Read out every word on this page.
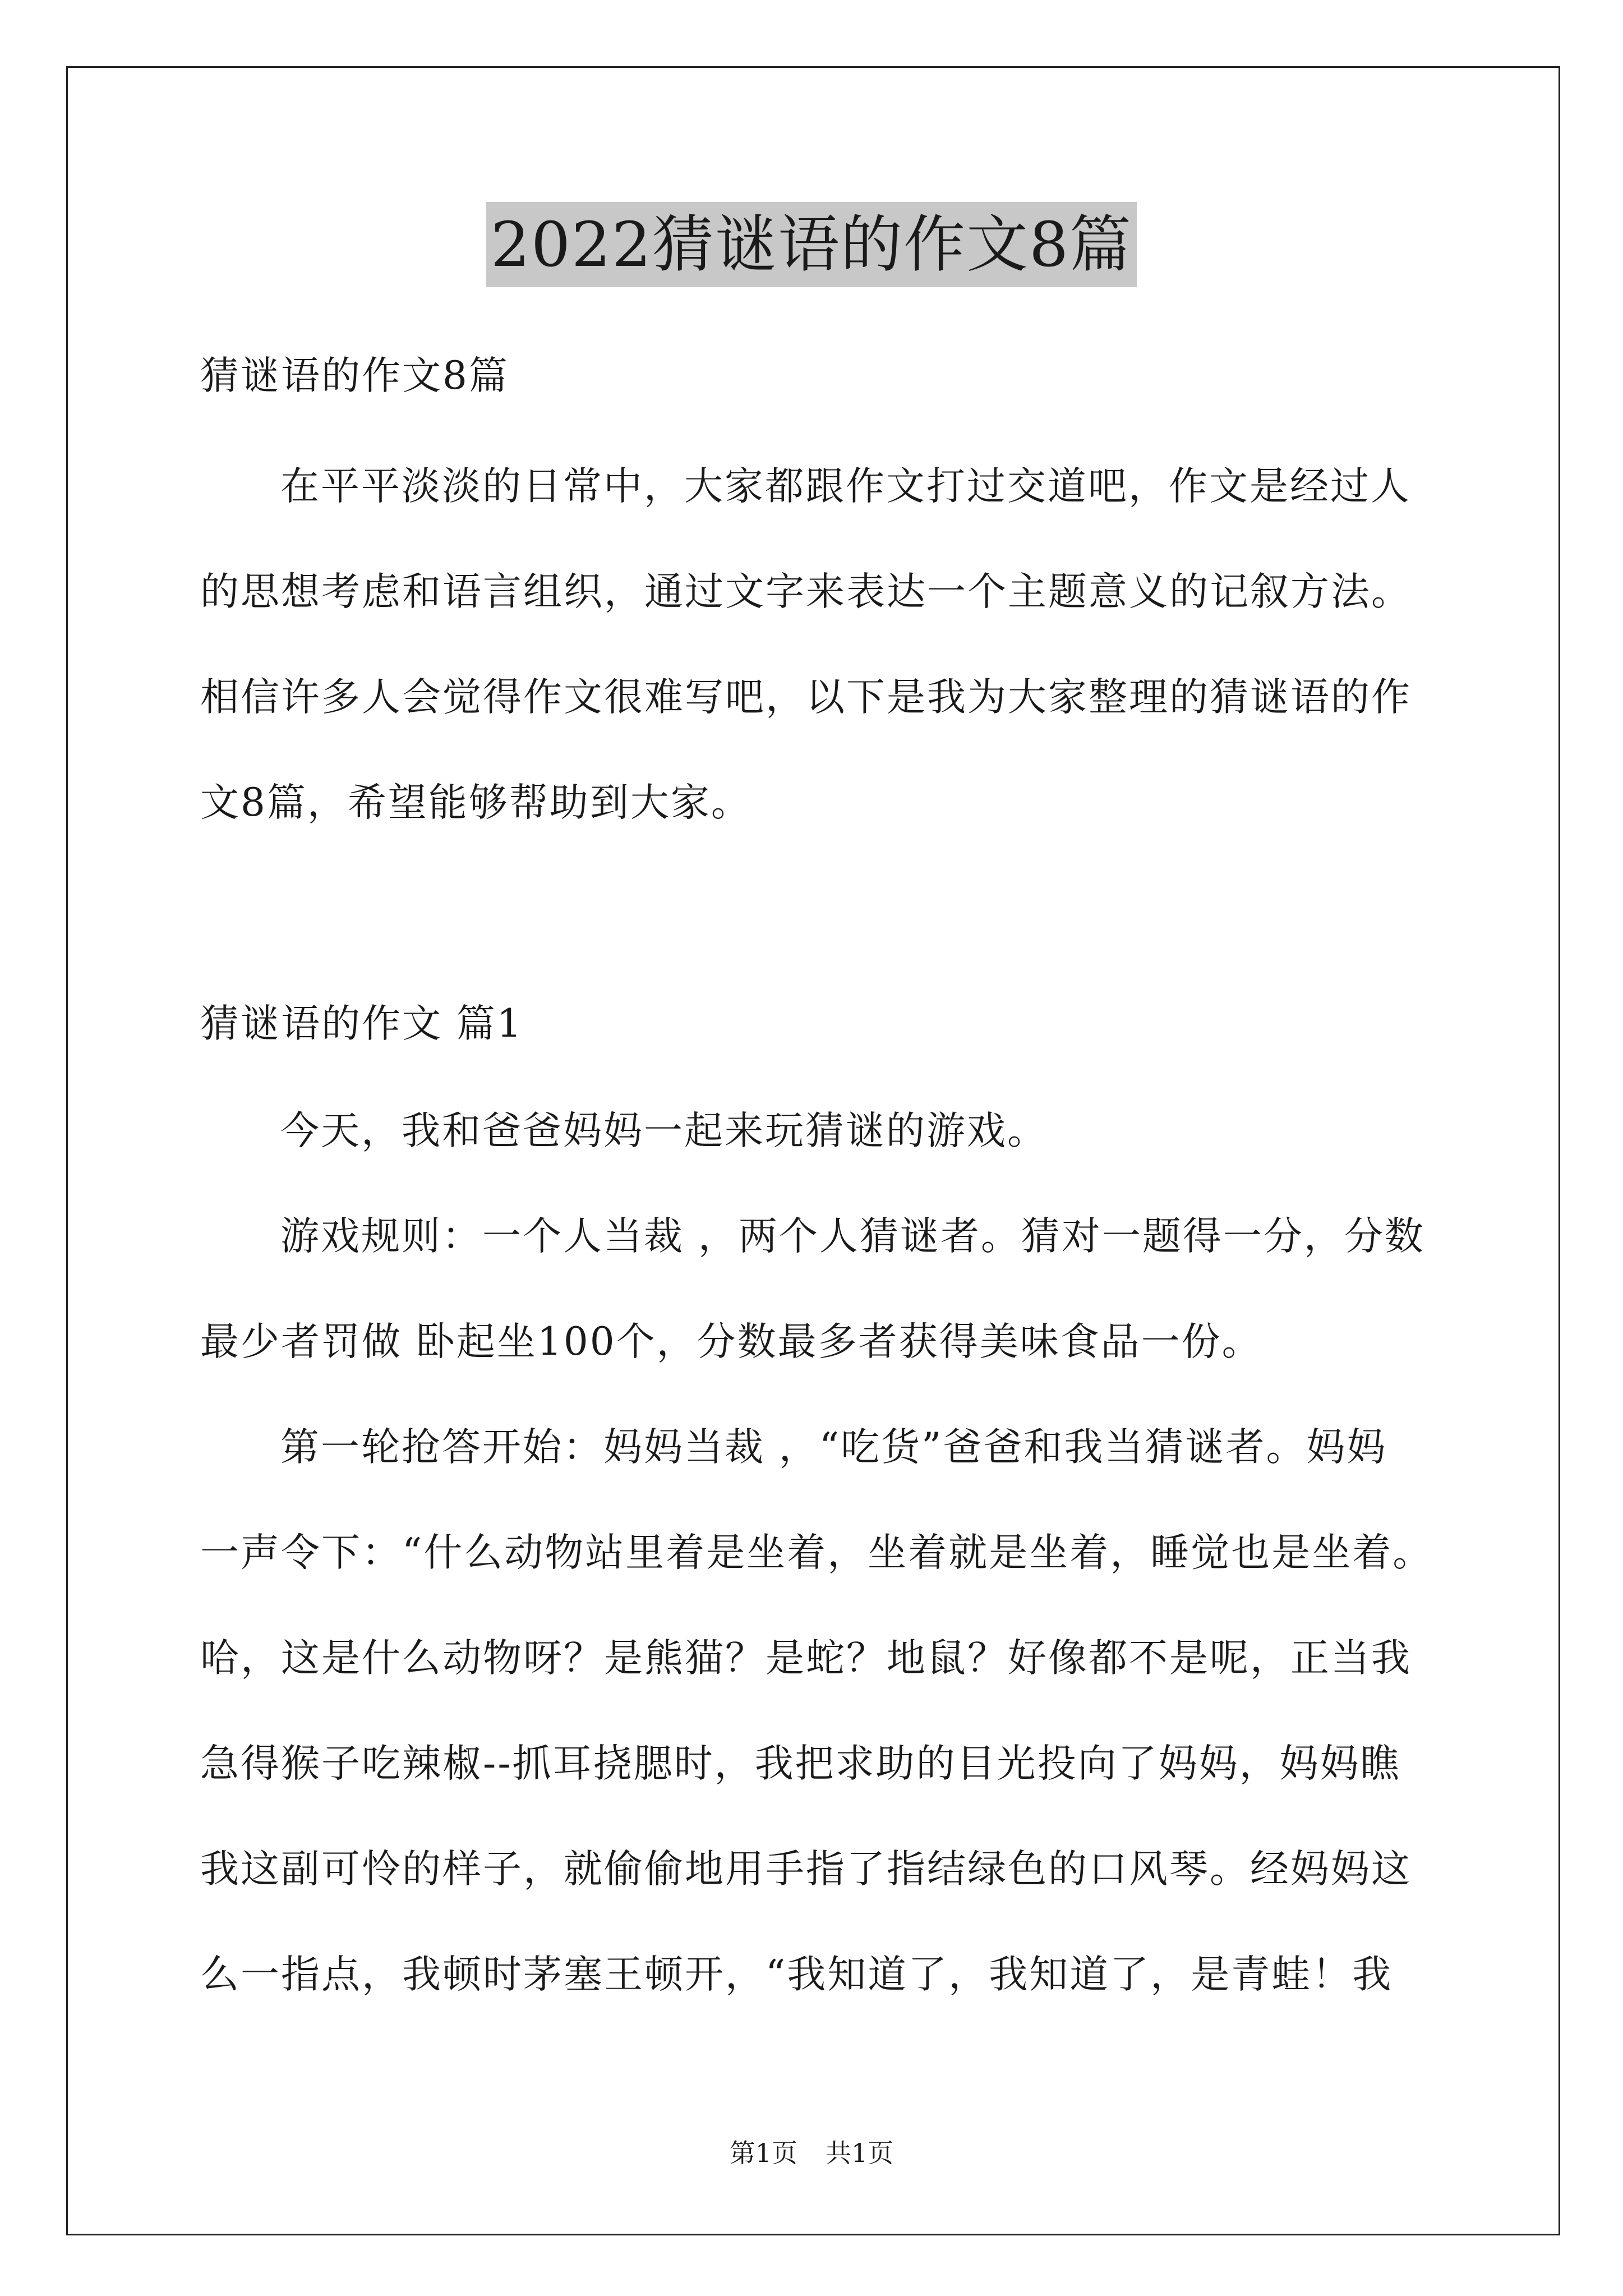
2022猜谜语的作文8篇
猜谜语的作文8篇
在平平淡淡的日常中，大家都跟作文打过交道吧，作文是经过人
的思想考虑和语言组织，通过文字来表达一个主题意义的记叙方法。
相信许多人会觉得作文很难写吧，以下是我为大家整理的猜谜语的作
文8篇，希望能够帮助到大家。
猜谜语的作文 篇1
今天，我和爸爸妈妈一起来玩猜谜的游戏。
游戏规则：一个人当裁 ，两个人猜谜者。猜对一题得一分，分数
最少者罚做 卧起坐100个，分数最多者获得美味食品一份。
第一轮抢答开始：妈妈当裁 ，“吃货”爸爸和我当猜谜者。妈妈
一声令下：“什么动物站里着是坐着，坐着就是坐着，睡觉也是坐着。
哈，这是什么动物呀？是熊猫？是蛇？地鼠？好像都不是呢，正当我
急得猴子吃辣椒--抓耳挠腮时，我把求助的目光投向了妈妈，妈妈瞧
我这副可怜的样子，就偷偷地用手指了指结绿色的口风琴。经妈妈这
么一指点，我顿时茅塞王顿开，“我知道了，我知道了，是青蛙！我
第1页 共1页
